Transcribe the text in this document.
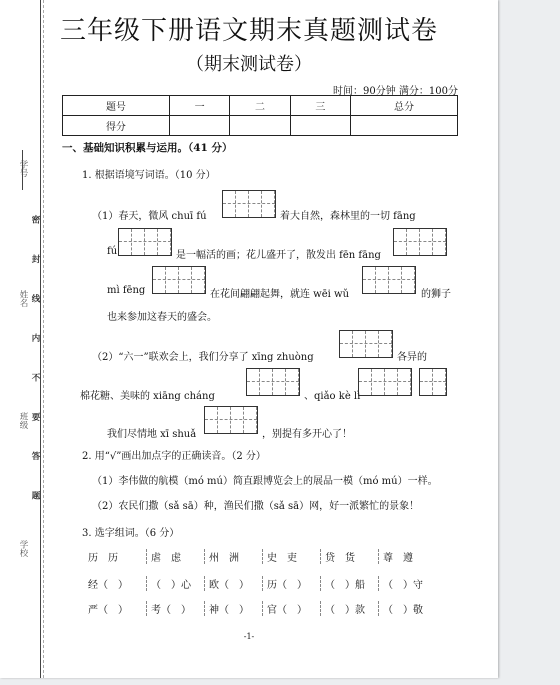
学号
姓名
班级
学校
密 封 线 内 不 要 答 题
三年级下册语文期末真题测试卷
（期末测试卷）
时间：90分钟 满分：100分
题号	一	二	三	总分
得分				
一、基础知识积累与运用。（41 分）
1. 根据语境写词语。（10 分）
（1）春天，微风 chuī fú	着大自然，森林里的一切 fāng
fú	是一幅活的画；花儿盛开了，散发出 fēn fāng
mì fēng	在花间翩翩起舞，就连 wēi wǔ	的狮子
也来参加这春天的盛会。
（2）“六一”联欢会上，我们分享了 xīng zhuòng	各异的
棉花糖、美味的 xiāng cháng	、qiǎo kè lì
我们尽情地 xī shuǎ	，别提有多开心了！
2. 用“√”画出加点字的正确读音。（2 分）
（1）李伟做的航模（mó mú）简直跟博览会上的展品一模（mó mú）一样。
（2）农民们撒（sǎ sā）种，渔民们撒（sǎ sā）网，好一派繁忙的景象！
3. 选字组词。（6 分）
历　历	虐　虑	州　洲	史　吏	贷　货	尊　遵
经（　）	（　）心	欧（　）	历（　）	（　）船	（　）守
严（　）	考（　）	神（　）	官（　）	（　）款	（　）敬
-1-
